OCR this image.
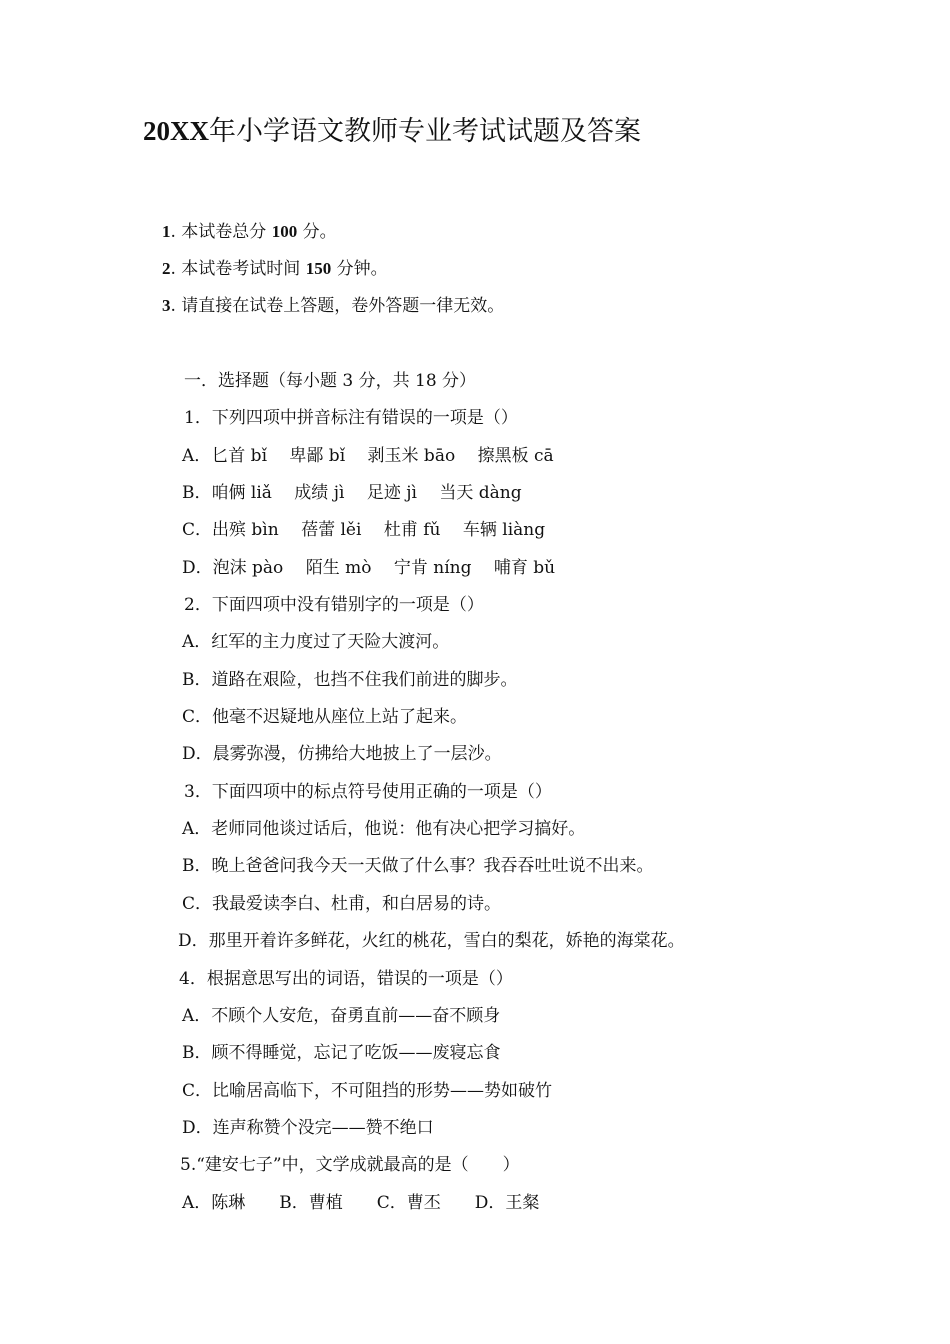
20XX年小学语文教师专业考试试题及答案
1. 本试卷总分 100 分。
2. 本试卷考试时间 150 分钟。
3. 请直接在试卷上答题，卷外答题一律无效。
一．选择题（每小题 3 分，共 18 分）
1．下列四项中拼音标注有错误的一项是（）
A．匕首 bǐ　 卑鄙 bǐ　 剥玉米 bāo　 擦黑板 cā
B．咱俩 liǎ　 成绩 jì　 足迹 jì　 当天 dàng
C．出殡 bìn　 蓓蕾 lěi　 杜甫 fǔ　 车辆 liàng
D．泡沫 pào　 陌生 mò　 宁肯 níng　 哺育 bǔ
2．下面四项中没有错别字的一项是（）
A．红军的主力度过了天险大渡河。
B．道路在艰险，也挡不住我们前进的脚步。
C．他毫不迟疑地从座位上站了起来。
D．晨雾弥漫，仿拂给大地披上了一层沙。
3．下面四项中的标点符号使用正确的一项是（）
A．老师同他谈过话后，他说：他有决心把学习搞好。
B．晚上爸爸问我今天一天做了什么事？我吞吞吐吐说不出来。
C．我最爱读李白、杜甫，和白居易的诗。
D．那里开着许多鲜花，火红的桃花，雪白的梨花，娇艳的海棠花。
4．根据意思写出的词语，错误的一项是（）
A．不顾个人安危，奋勇直前——奋不顾身
B．顾不得睡觉，忘记了吃饭——废寝忘食
C．比喻居高临下，不可阻挡的形势——势如破竹
D．连声称赞个没完——赞不绝口
5.“建安七子”中，文学成就最高的是（　　）
A．陈琳　　B．曹植　　C．曹丕　　D．王粲
